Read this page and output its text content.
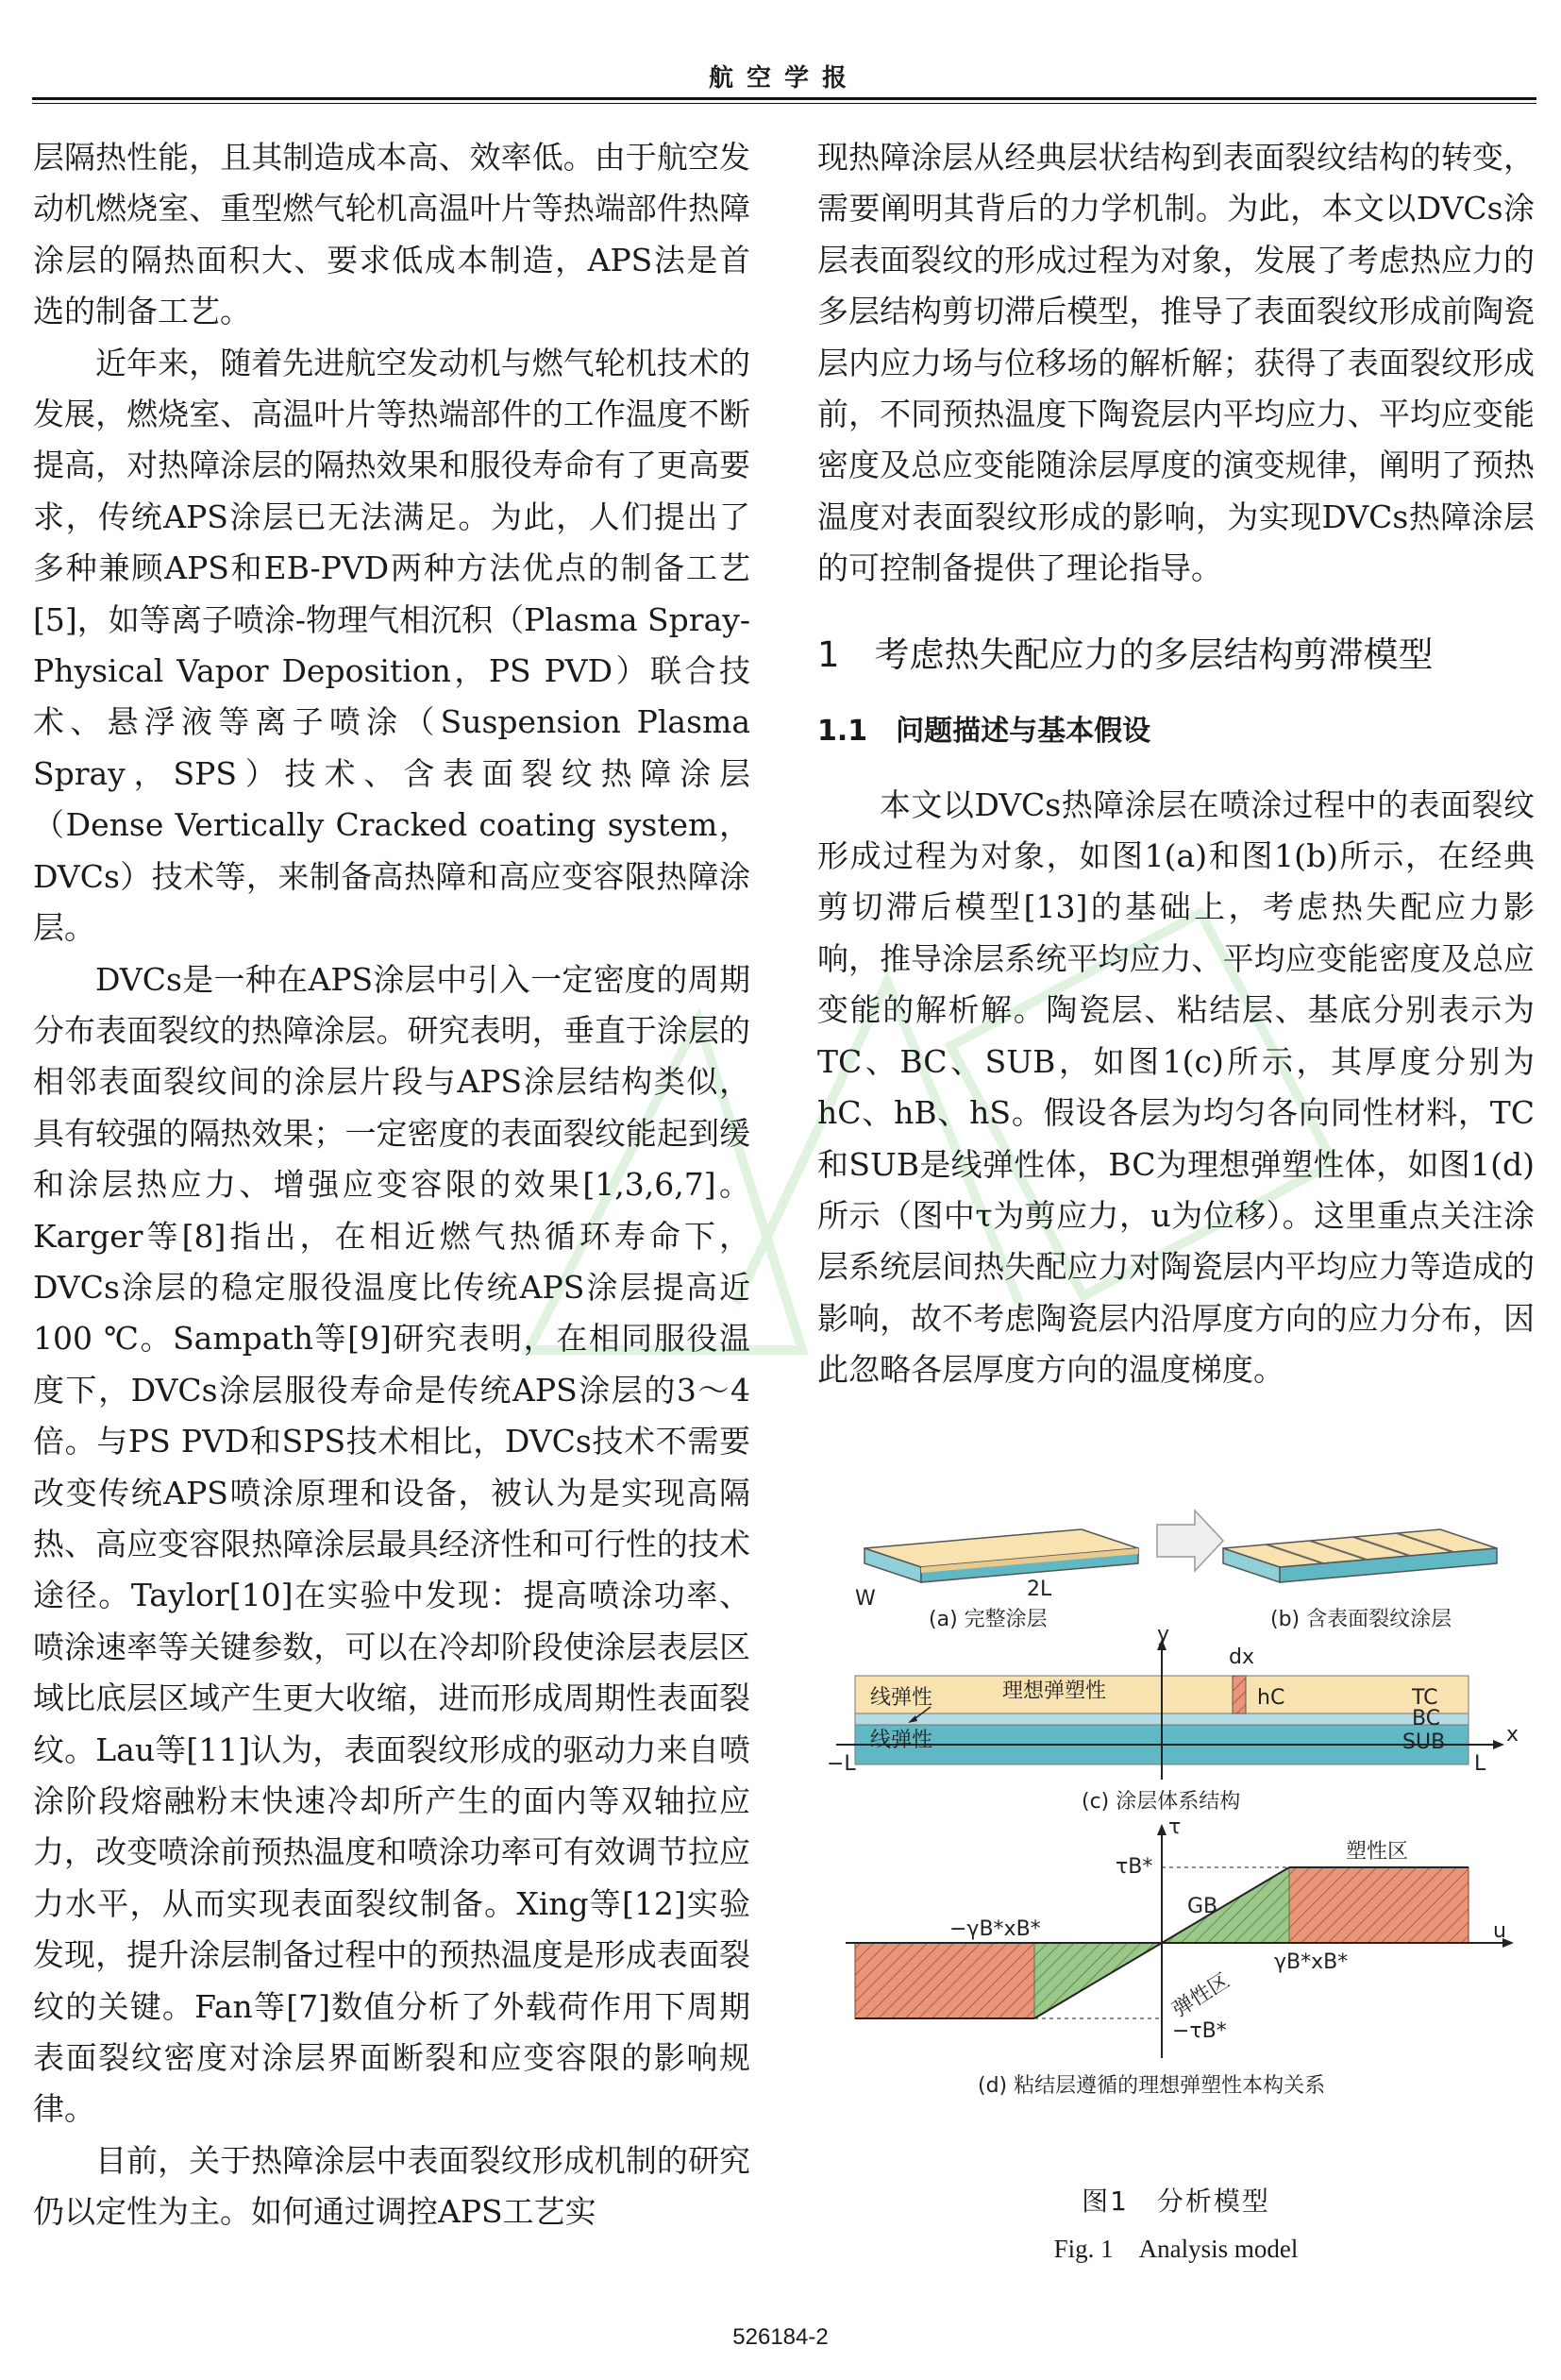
航空学报

层隔热性能，且其制造成本高、效率低。由于航空发动机燃烧室、重型燃气轮机高温叶片等热端部件热障涂层的隔热面积大、要求低成本制造，APS法是首选的制备工艺。

近年来，随着先进航空发动机与燃气轮机技术的发展，燃烧室、高温叶片等热端部件的工作温度不断提高，对热障涂层的隔热效果和服役寿命有了更高要求，传统APS涂层已无法满足。为此，人们提出了多种兼顾APS和EB-PVD两种方法优点的制备工艺[5]，如等离子喷涂-物理气相沉积（Plasma Spray-Physical Vapor Deposition，PS PVD）联合技术、悬浮液等离子喷涂（Suspension Plasma Spray，SPS）技术、含表面裂纹热障涂层（Dense Vertically Cracked coating system，DVCs）技术等，来制备高热障和高应变容限热障涂层。

DVCs是一种在APS涂层中引入一定密度的周期分布表面裂纹的热障涂层。研究表明，垂直于涂层的相邻表面裂纹间的涂层片段与APS涂层结构类似，具有较强的隔热效果；一定密度的表面裂纹能起到缓和涂层热应力、增强应变容限的效果[1,3,6,7]。Karger等[8]指出，在相近燃气热循环寿命下，DVCs涂层的稳定服役温度比传统APS涂层提高近100 ℃。Sampath等[9]研究表明，在相同服役温度下，DVCs涂层服役寿命是传统APS涂层的3～4倍。与PS PVD和SPS技术相比，DVCs技术不需要改变传统APS喷涂原理和设备，被认为是实现高隔热、高应变容限热障涂层最具经济性和可行性的技术途径。Taylor[10]在实验中发现：提高喷涂功率、喷涂速率等关键参数，可以在冷却阶段使涂层表层区域比底层区域产生更大收缩，进而形成周期性表面裂纹。Lau等[11]认为，表面裂纹形成的驱动力来自喷涂阶段熔融粉末快速冷却所产生的面内等双轴拉应力，改变喷涂前预热温度和喷涂功率可有效调节拉应力水平，从而实现表面裂纹制备。Xing等[12]实验发现，提升涂层制备过程中的预热温度是形成表面裂纹的关键。Fan等[7]数值分析了外载荷作用下周期表面裂纹密度对涂层界面断裂和应变容限的影响规律。

目前，关于热障涂层中表面裂纹形成机制的研究仍以定性为主。如何通过调控APS工艺实

现热障涂层从经典层状结构到表面裂纹结构的转变，需要阐明其背后的力学机制。为此，本文以DVCs涂层表面裂纹的形成过程为对象，发展了考虑热应力的多层结构剪切滞后模型，推导了表面裂纹形成前陶瓷层内应力场与位移场的解析解；获得了表面裂纹形成前，不同预热温度下陶瓷层内平均应力、平均应变能密度及总应变能随涂层厚度的演变规律，阐明了预热温度对表面裂纹形成的影响，为实现DVCs热障涂层的可控制备提供了理论指导。

1　考虑热失配应力的多层结构剪滞模型
1.1　问题描述与基本假设

本文以DVCs热障涂层在喷涂过程中的表面裂纹形成过程为对象，如图1(a)和图1(b)所示，在经典剪切滞后模型[13]的基础上，考虑热失配应力影响，推导涂层系统平均应力、平均应变能密度及总应变能的解析解。陶瓷层、粘结层、基底分别表示为TC、BC、SUB，如图1(c)所示，其厚度分别为hC、hB、hS。假设各层为均匀各向同性材料，TC和SUB是线弹性体，BC为理想弹塑性体，如图1(d)所示（图中τ为剪应力，u为位移）。这里重点关注涂层系统层间热失配应力对陶瓷层内平均应力等造成的影响，故不考虑陶瓷层内沿厚度方向的应力分布，因此忽略各层厚度方向的温度梯度。

W	2L
(a) 完整涂层	(b) 含表面裂纹涂层
y
dx
hC
线弹性	理想弹塑性	TC
BC
SUB
线弹性	x
−L	L
(c) 涂层体系结构
τ
τB*
塑性区
GB
−γB*xB*
γB*xB*
u
弹性区
−τB*
(d) 粘结层遵循的理想弹塑性本构关系
图1　分析模型
Fig. 1　Analysis model
526184-2
